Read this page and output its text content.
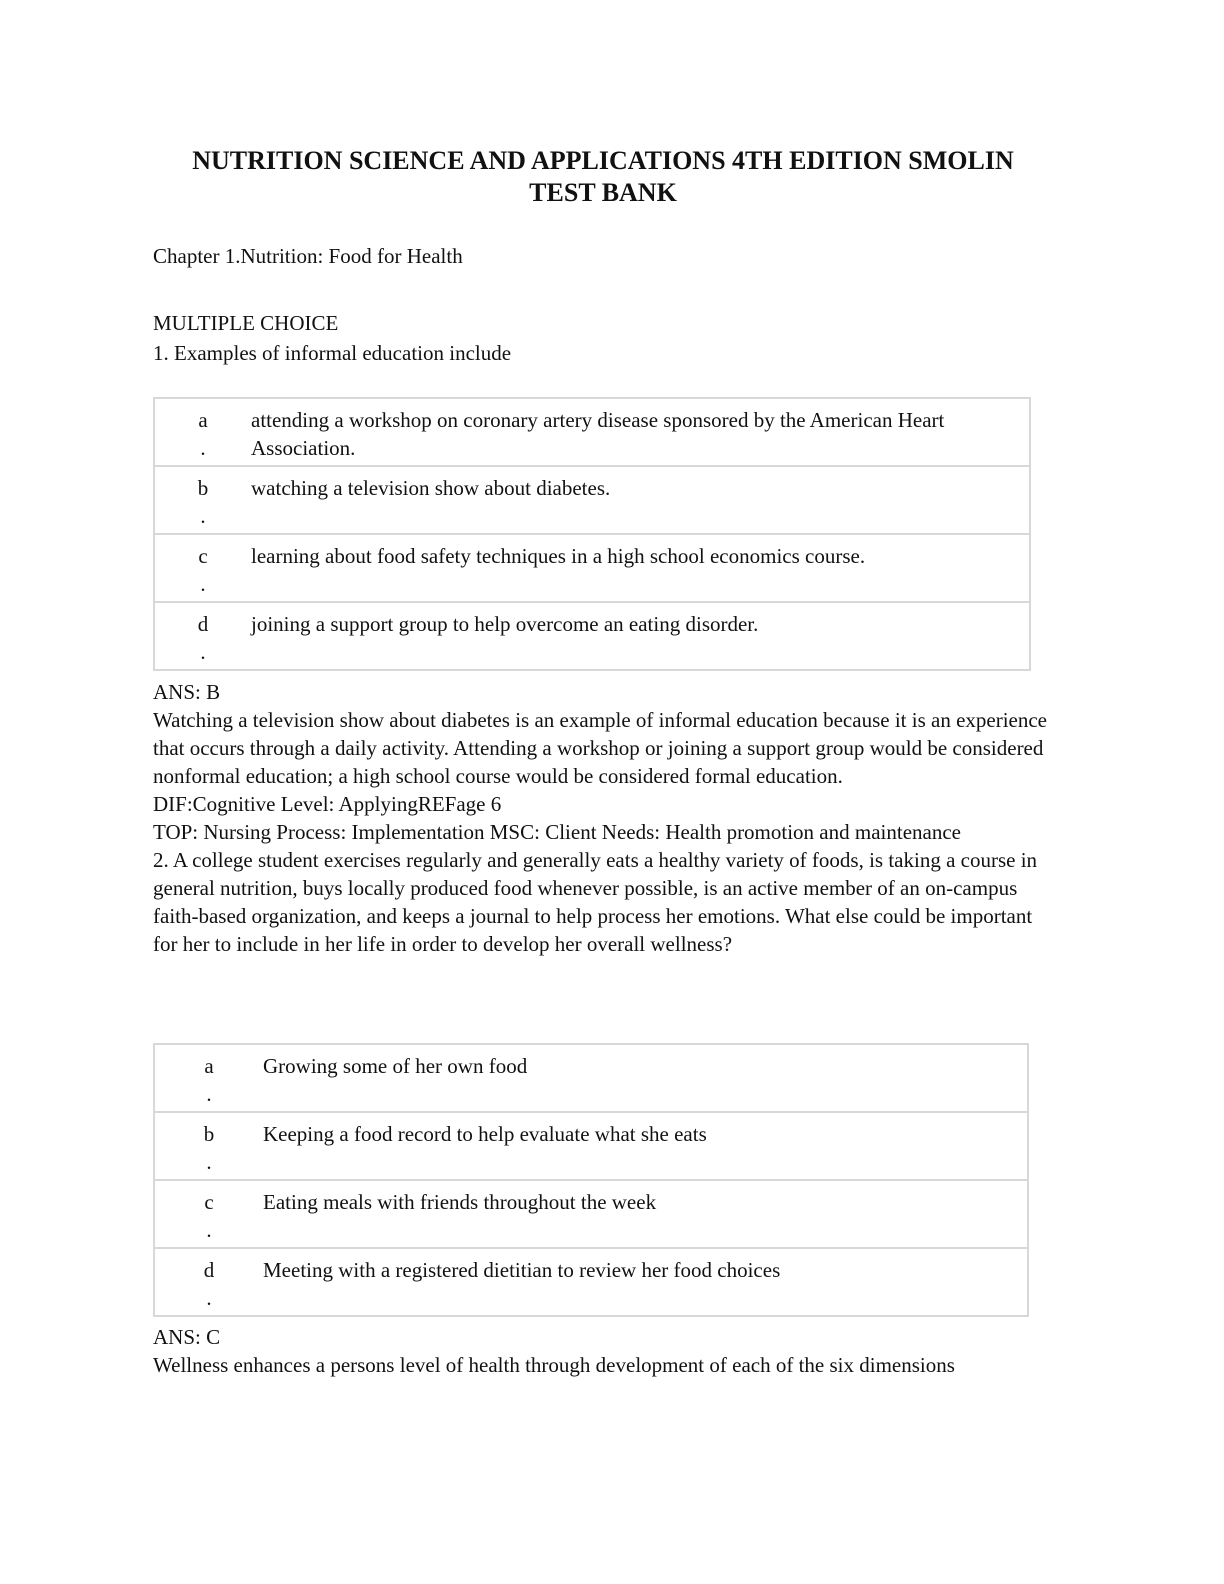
NUTRITION SCIENCE AND APPLICATIONS 4TH EDITION SMOLIN
TEST BANK

Chapter 1.Nutrition: Food for Health

MULTIPLE CHOICE

1. Examples of informal education include

a
.	attending a workshop on coronary artery disease sponsored by the American Heart Association.
b
.	watching a television show about diabetes.
c
.	learning about food safety techniques in a high school economics course.
d
.	joining a support group to help overcome an eating disorder.

ANS: B

Watching a television show about diabetes is an example of informal education because it is an experience that occurs through a daily activity. Attending a workshop or joining a support group would be considered nonformal education; a high school course would be considered formal education.

DIF:Cognitive Level: ApplyingREFage 6

TOP: Nursing Process: Implementation MSC: Client Needs: Health promotion and maintenance

2. A college student exercises regularly and generally eats a healthy variety of foods, is taking a course in general nutrition, buys locally produced food whenever possible, is an active member of an on-campus faith-based organization, and keeps a journal to help process her emotions. What else could be important for her to include in her life in order to develop her overall wellness?

a
.	Growing some of her own food
b
.	Keeping a food record to help evaluate what she eats
c
.	Eating meals with friends throughout the week
d
.	Meeting with a registered dietitian to review her food choices

ANS: C

Wellness enhances a persons level of health through development of each of the six dimensions
